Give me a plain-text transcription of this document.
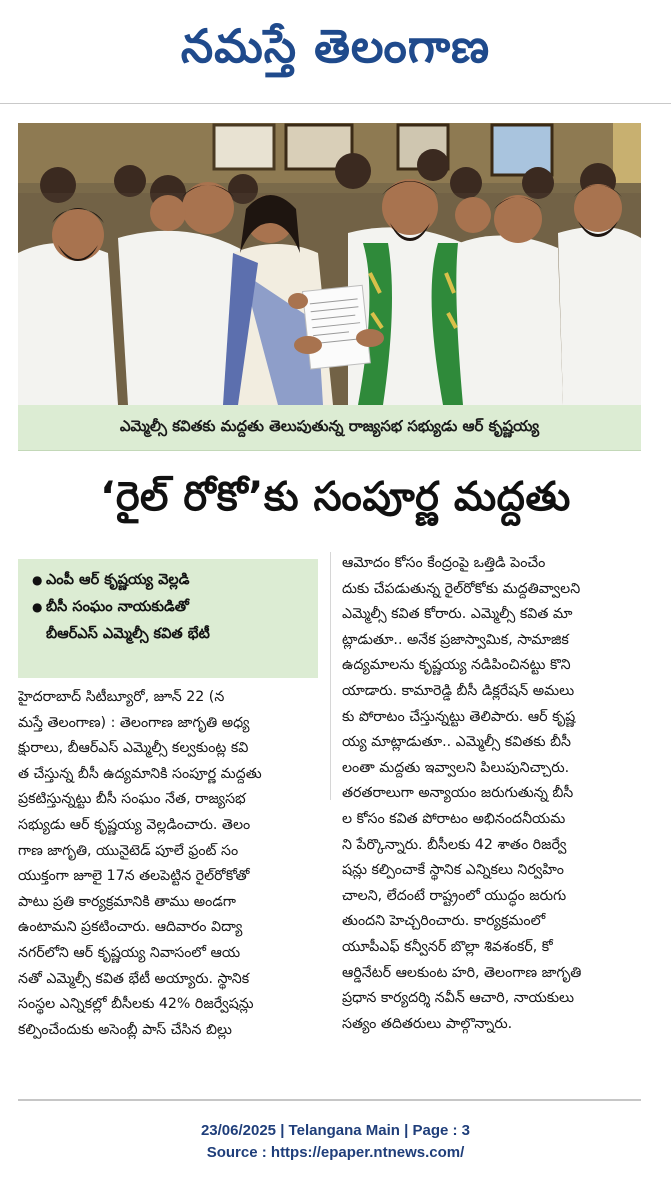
నమస్తే తెలంగాణ
ఎమ్మెల్సీ కవితకు మద్దతు తెలుపుతున్న రాజ్యసభ సభ్యుడు ఆర్ కృష్ణయ్య
‘రైల్ రోకో’కు సంపూర్ణ మద్దతు
● ఎంపీ ఆర్ కృష్ణయ్య వెల్లడి
● బీసీ సంఘం నాయకుడితో
బీఆర్ఎస్ ఎమ్మెల్సీ కవిత భేటీ
హైదరాబాద్ సిటీబ్యూరో, జూన్ 22 (న
మస్తే తెలంగాణ) : తెలంగాణ జాగృతి అధ్య
క్షురాలు, బీఆర్ఎస్ ఎమ్మెల్సీ కల్వకుంట్ల కవి
త చేస్తున్న బీసీ ఉద్యమానికి సంపూర్ణ మద్దతు
ప్రకటిస్తున్నట్టు బీసీ సంఘం నేత, రాజ్యసభ
సభ్యుడు ఆర్ కృష్ణయ్య వెల్లడించారు. తెలం
గాణ జాగృతి, యునైటెడ్ పూలే ఫ్రంట్ సం
యుక్తంగా జూలై 17న తలపెట్టిన రైల్‌రోకోతో
పాటు ప్రతి కార్యక్రమానికి తాము అండగా
ఉంటామని ప్రకటించారు. ఆదివారం విద్యా
నగర్‌లోని ఆర్ కృష్ణయ్య నివాసంలో ఆయ
నతో ఎమ్మెల్సీ కవిత భేటీ అయ్యారు. స్థానిక
సంస్థల ఎన్నికల్లో బీసీలకు 42% రిజర్వేషన్లు
కల్పించేందుకు అసెంబ్లీ పాస్ చేసిన బిల్లు
ఆమోదం కోసం కేంద్రంపై ఒత్తిడి పెంచేం
దుకు చేపడుతున్న రైల్‌రోకోకు మద్దతివ్వాలని
ఎమ్మెల్సీ కవిత కోరారు. ఎమ్మెల్సీ కవిత మా
ట్లాడుతూ.. అనేక ప్రజాస్వామిక, సామాజిక
ఉద్యమాలను కృష్ణయ్య నడిపించినట్టు కొని
యాడారు. కామారెడ్డి బీసీ డిక్లరేషన్ అమలు
కు పోరాటం చేస్తున్నట్టు తెలిపారు. ఆర్ కృష్ణ
య్య మాట్లాడుతూ.. ఎమ్మెల్సీ కవితకు బీసీ
లంతా మద్దతు ఇవ్వాలని పిలుపునిచ్చారు.
తరతరాలుగా అన్యాయం జరుగుతున్న బీసీ
ల కోసం కవిత పోరాటం అభినందనీయమ
ని పేర్కొన్నారు. బీసీలకు 42 శాతం రిజర్వే
షన్లు కల్పించాకే స్థానిక ఎన్నికలు నిర్వహిం
చాలని, లేదంటే రాష్ట్రంలో యుద్ధం జరుగు
తుందని హెచ్చరించారు. కార్యక్రమంలో
యూపీఎఫ్ కన్వీనర్ బొల్లా శివశంకర్, కో
ఆర్డినేటర్ ఆలకుంట హరి, తెలంగాణ జాగృతి
ప్రధాన కార్యదర్శి నవీన్ ఆచారి, నాయకులు
సత్యం తదితరులు పాల్గొన్నారు.
23/06/2025 | Telangana Main | Page : 3
Source : https://epaper.ntnews.com/
